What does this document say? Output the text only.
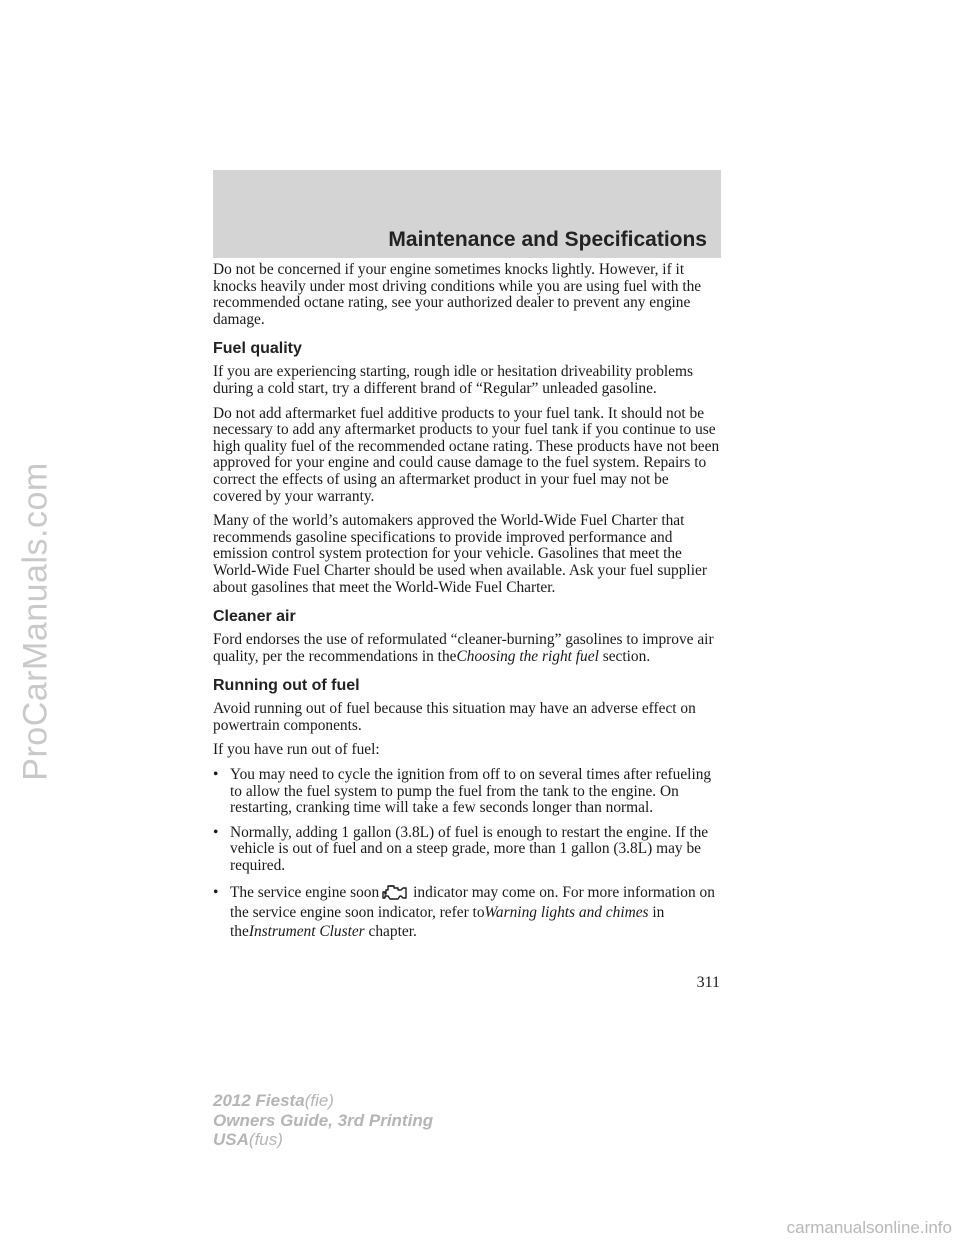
ProCarManuals.com
Maintenance and Specifications

Do not be concerned if your engine sometimes knocks lightly. However, if it knocks heavily under most driving conditions while you are using fuel with the recommended octane rating, see your authorized dealer to prevent any engine damage.

Fuel quality

If you are experiencing starting, rough idle or hesitation driveability problems during a cold start, try a different brand of “Regular” unleaded gasoline.

Do not add aftermarket fuel additive products to your fuel tank. It should not be necessary to add any aftermarket products to your fuel tank if you continue to use high quality fuel of the recommended octane rating. These products have not been approved for your engine and could cause damage to the fuel system. Repairs to correct the effects of using an aftermarket product in your fuel may not be covered by your warranty.

Many of the world’s automakers approved the World-Wide Fuel Charter that recommends gasoline specifications to provide improved performance and emission control system protection for your vehicle. Gasolines that meet the World-Wide Fuel Charter should be used when available. Ask your fuel supplier about gasolines that meet the World-Wide Fuel Charter.

Cleaner air

Ford endorses the use of reformulated “cleaner-burning” gasolines to improve air quality, per the recommendations in theChoosing the right fuel section.

Running out of fuel

Avoid running out of fuel because this situation may have an adverse effect on powertrain components.

If you have run out of fuel:

• You may need to cycle the ignition from off to on several times after refueling to allow the fuel system to pump the fuel from the tank to the engine. On restarting, cranking time will take a few seconds longer than normal.
• Normally, adding 1 gallon (3.8L) of fuel is enough to restart the engine. If the vehicle is out of fuel and on a steep grade, more than 1 gallon (3.8L) may be required.
• The service engine soon indicator may come on. For more information on the service engine soon indicator, refer toWarning lights and chimes in theInstrument Cluster chapter.
311
2012 Fiesta(fie)
Owners Guide, 3rd Printing
USA(fus)
carmanualsonline.info
